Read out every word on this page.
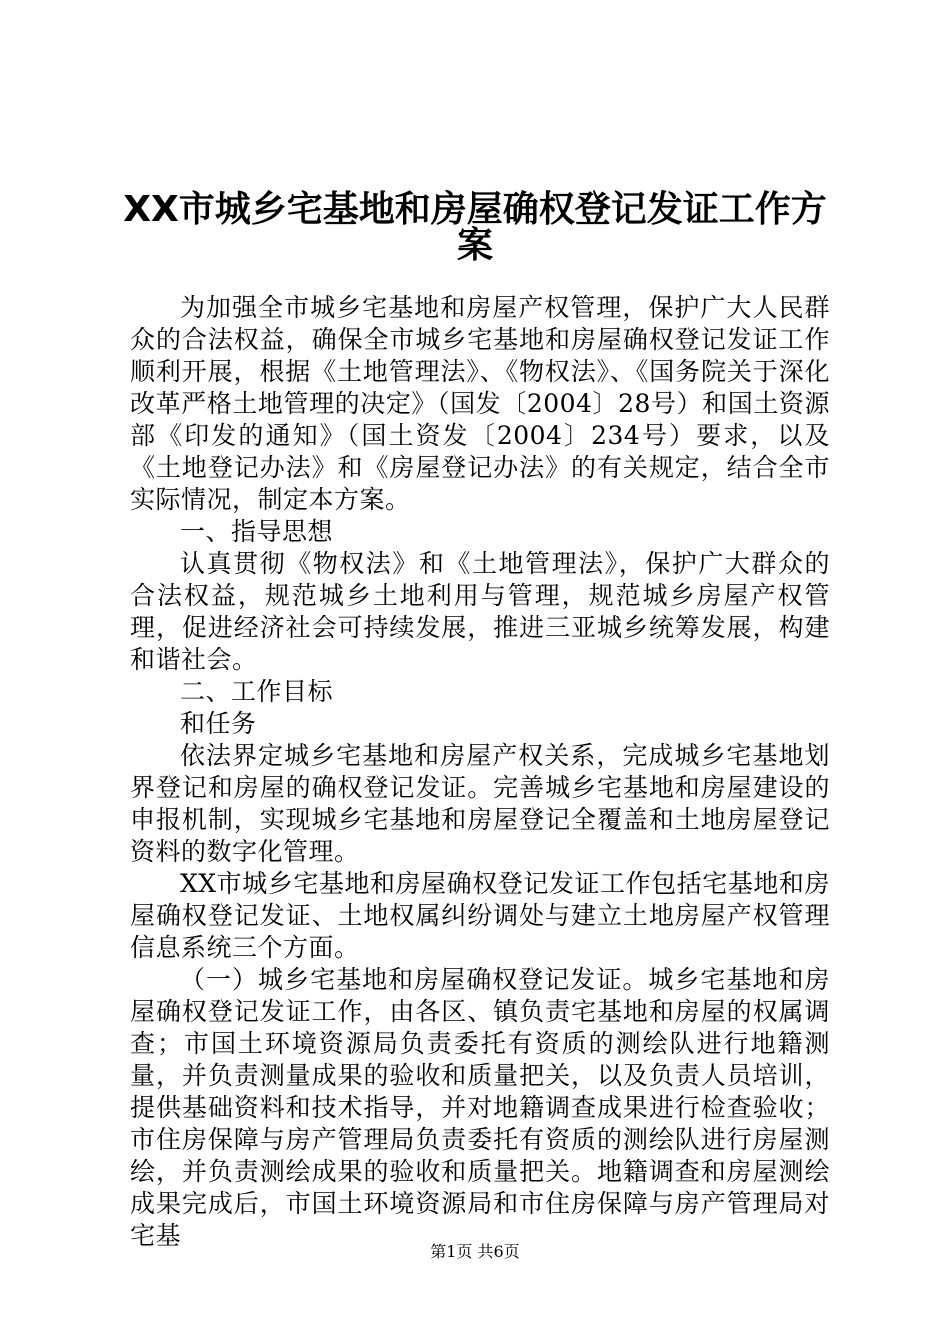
XX市城乡宅基地和房屋确权登记发证工作方
案

为加强全市城乡宅基地和房屋产权管理，保护广大人民群众的合法权益，确保全市城乡宅基地和房屋确权登记发证工作顺利开展，根据《土地管理法》、《物权法》、《国务院关于深化改革严格土地管理的决定》（国发〔2004〕28号）和国土资源部《印发的通知》（国土资发〔2004〕234号）要求，以及《土地登记办法》和《房屋登记办法》的有关规定，结合全市实际情况，制定本方案。

一、指导思想

认真贯彻《物权法》和《土地管理法》，保护广大群众的合法权益，规范城乡土地利用与管理，规范城乡房屋产权管理，促进经济社会可持续发展，推进三亚城乡统筹发展，构建和谐社会。

二、工作目标

和任务

依法界定城乡宅基地和房屋产权关系，完成城乡宅基地划界登记和房屋的确权登记发证。完善城乡宅基地和房屋建设的申报机制，实现城乡宅基地和房屋登记全覆盖和土地房屋登记资料的数字化管理。

XX市城乡宅基地和房屋确权登记发证工作包括宅基地和房屋确权登记发证、土地权属纠纷调处与建立土地房屋产权管理信息系统三个方面。

（一）城乡宅基地和房屋确权登记发证。城乡宅基地和房屋确权登记发证工作，由各区、镇负责宅基地和房屋的权属调查；市国土环境资源局负责委托有资质的测绘队进行地籍测量，并负责测量成果的验收和质量把关，以及负责人员培训，提供基础资料和技术指导，并对地籍调查成果进行检查验收；市住房保障与房产管理局负责委托有资质的测绘队进行房屋测绘，并负责测绘成果的验收和质量把关。地籍调查和房屋测绘成果完成后，市国土环境资源局和市住房保障与房产管理局对宅基

第1页 共6页
